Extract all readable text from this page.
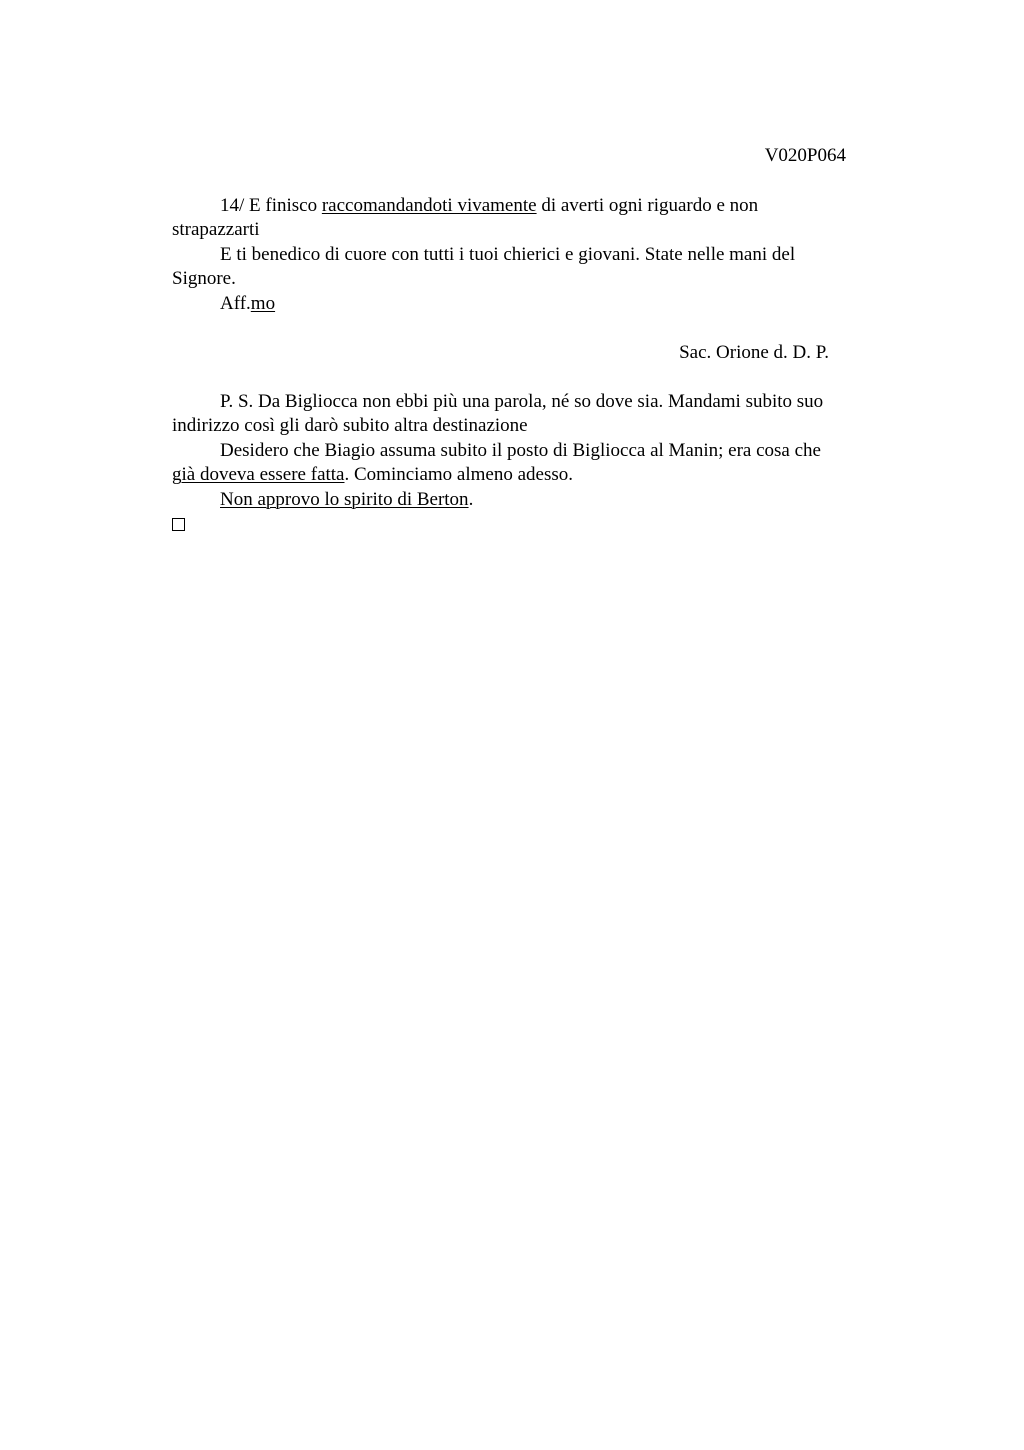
V020P064

14/ E finisco raccomandandoti vivamente di averti ogni riguardo e non strapazzarti

E ti benedico di cuore con tutti i tuoi chierici e giovani. State nelle mani del Signore.

Aff.mo

Sac. Orione d. D. P.

P. S. Da Bigliocca non ebbi più una parola, né so dove sia. Mandami subito suo indirizzo così gli darò subito altra destinazione

Desidero che Biagio assuma subito il posto di Bigliocca al Manin; era cosa che già doveva essere fatta. Cominciamo almeno adesso.

Non approvo lo spirito di Berton.
